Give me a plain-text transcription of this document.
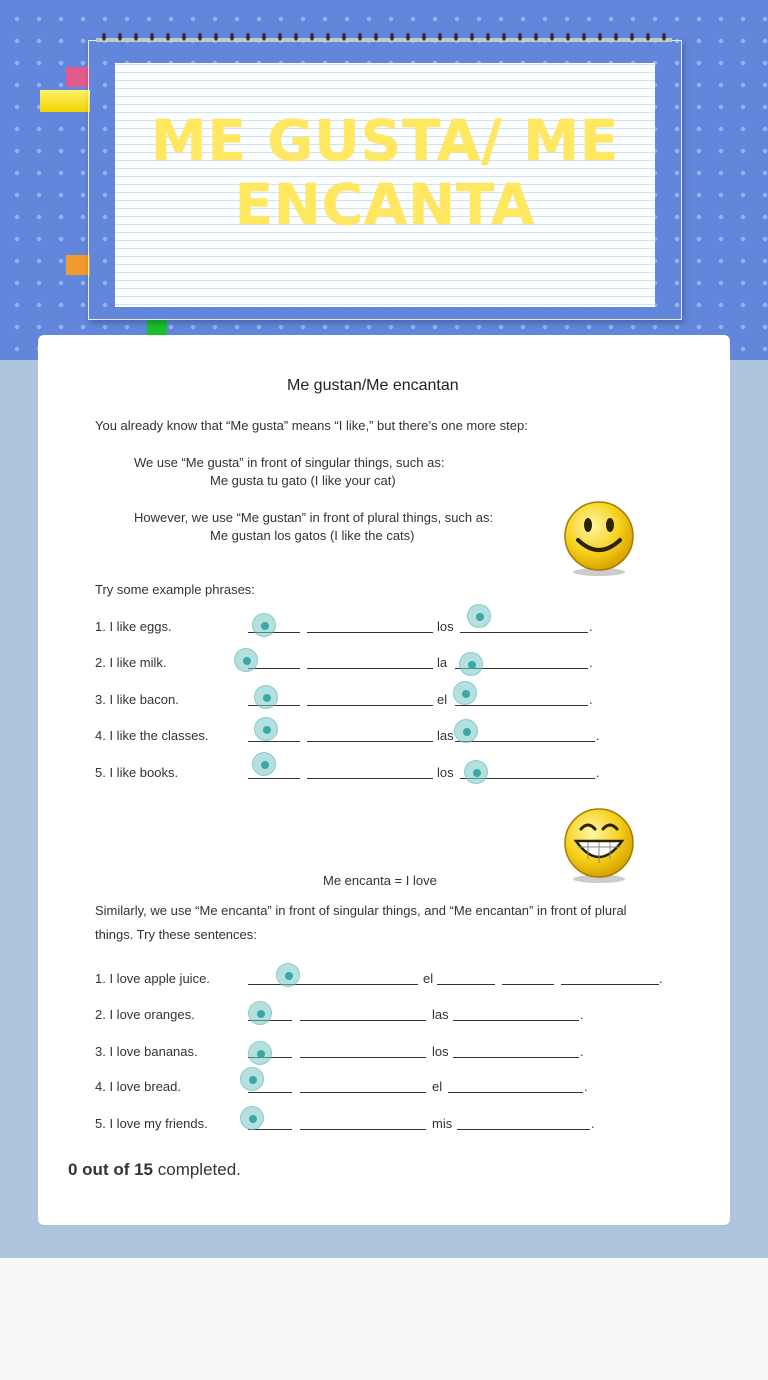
ME GUSTA/ ME ENCANTA
Me gustan/Me encantan
You already know that “Me gusta” means “I like,” but there’s one more step:
We use “Me gusta” in front of singular things, such as:
Me gusta tu gato (I like your cat)
However, we use “Me gustan” in front of plural things, such as:
Me gustan los gatos (I like the cats)
Try some example phrases:
1. I like eggs.	los	.
2. I like milk.	la	.
3. I like bacon.	el	.
4. I like the classes.	las	.
5. I like books.	los	.
Me encanta = I love
Similarly, we use “Me encanta” in front of singular things, and “Me encantan” in front of plural
things. Try these sentences:
1. I love apple juice.	el	.
2. I love oranges.	las	.
3. I love bananas.	los	.
4. I love bread.	el	.
5. I love my friends.	mis	.
0 out of 15 completed.
